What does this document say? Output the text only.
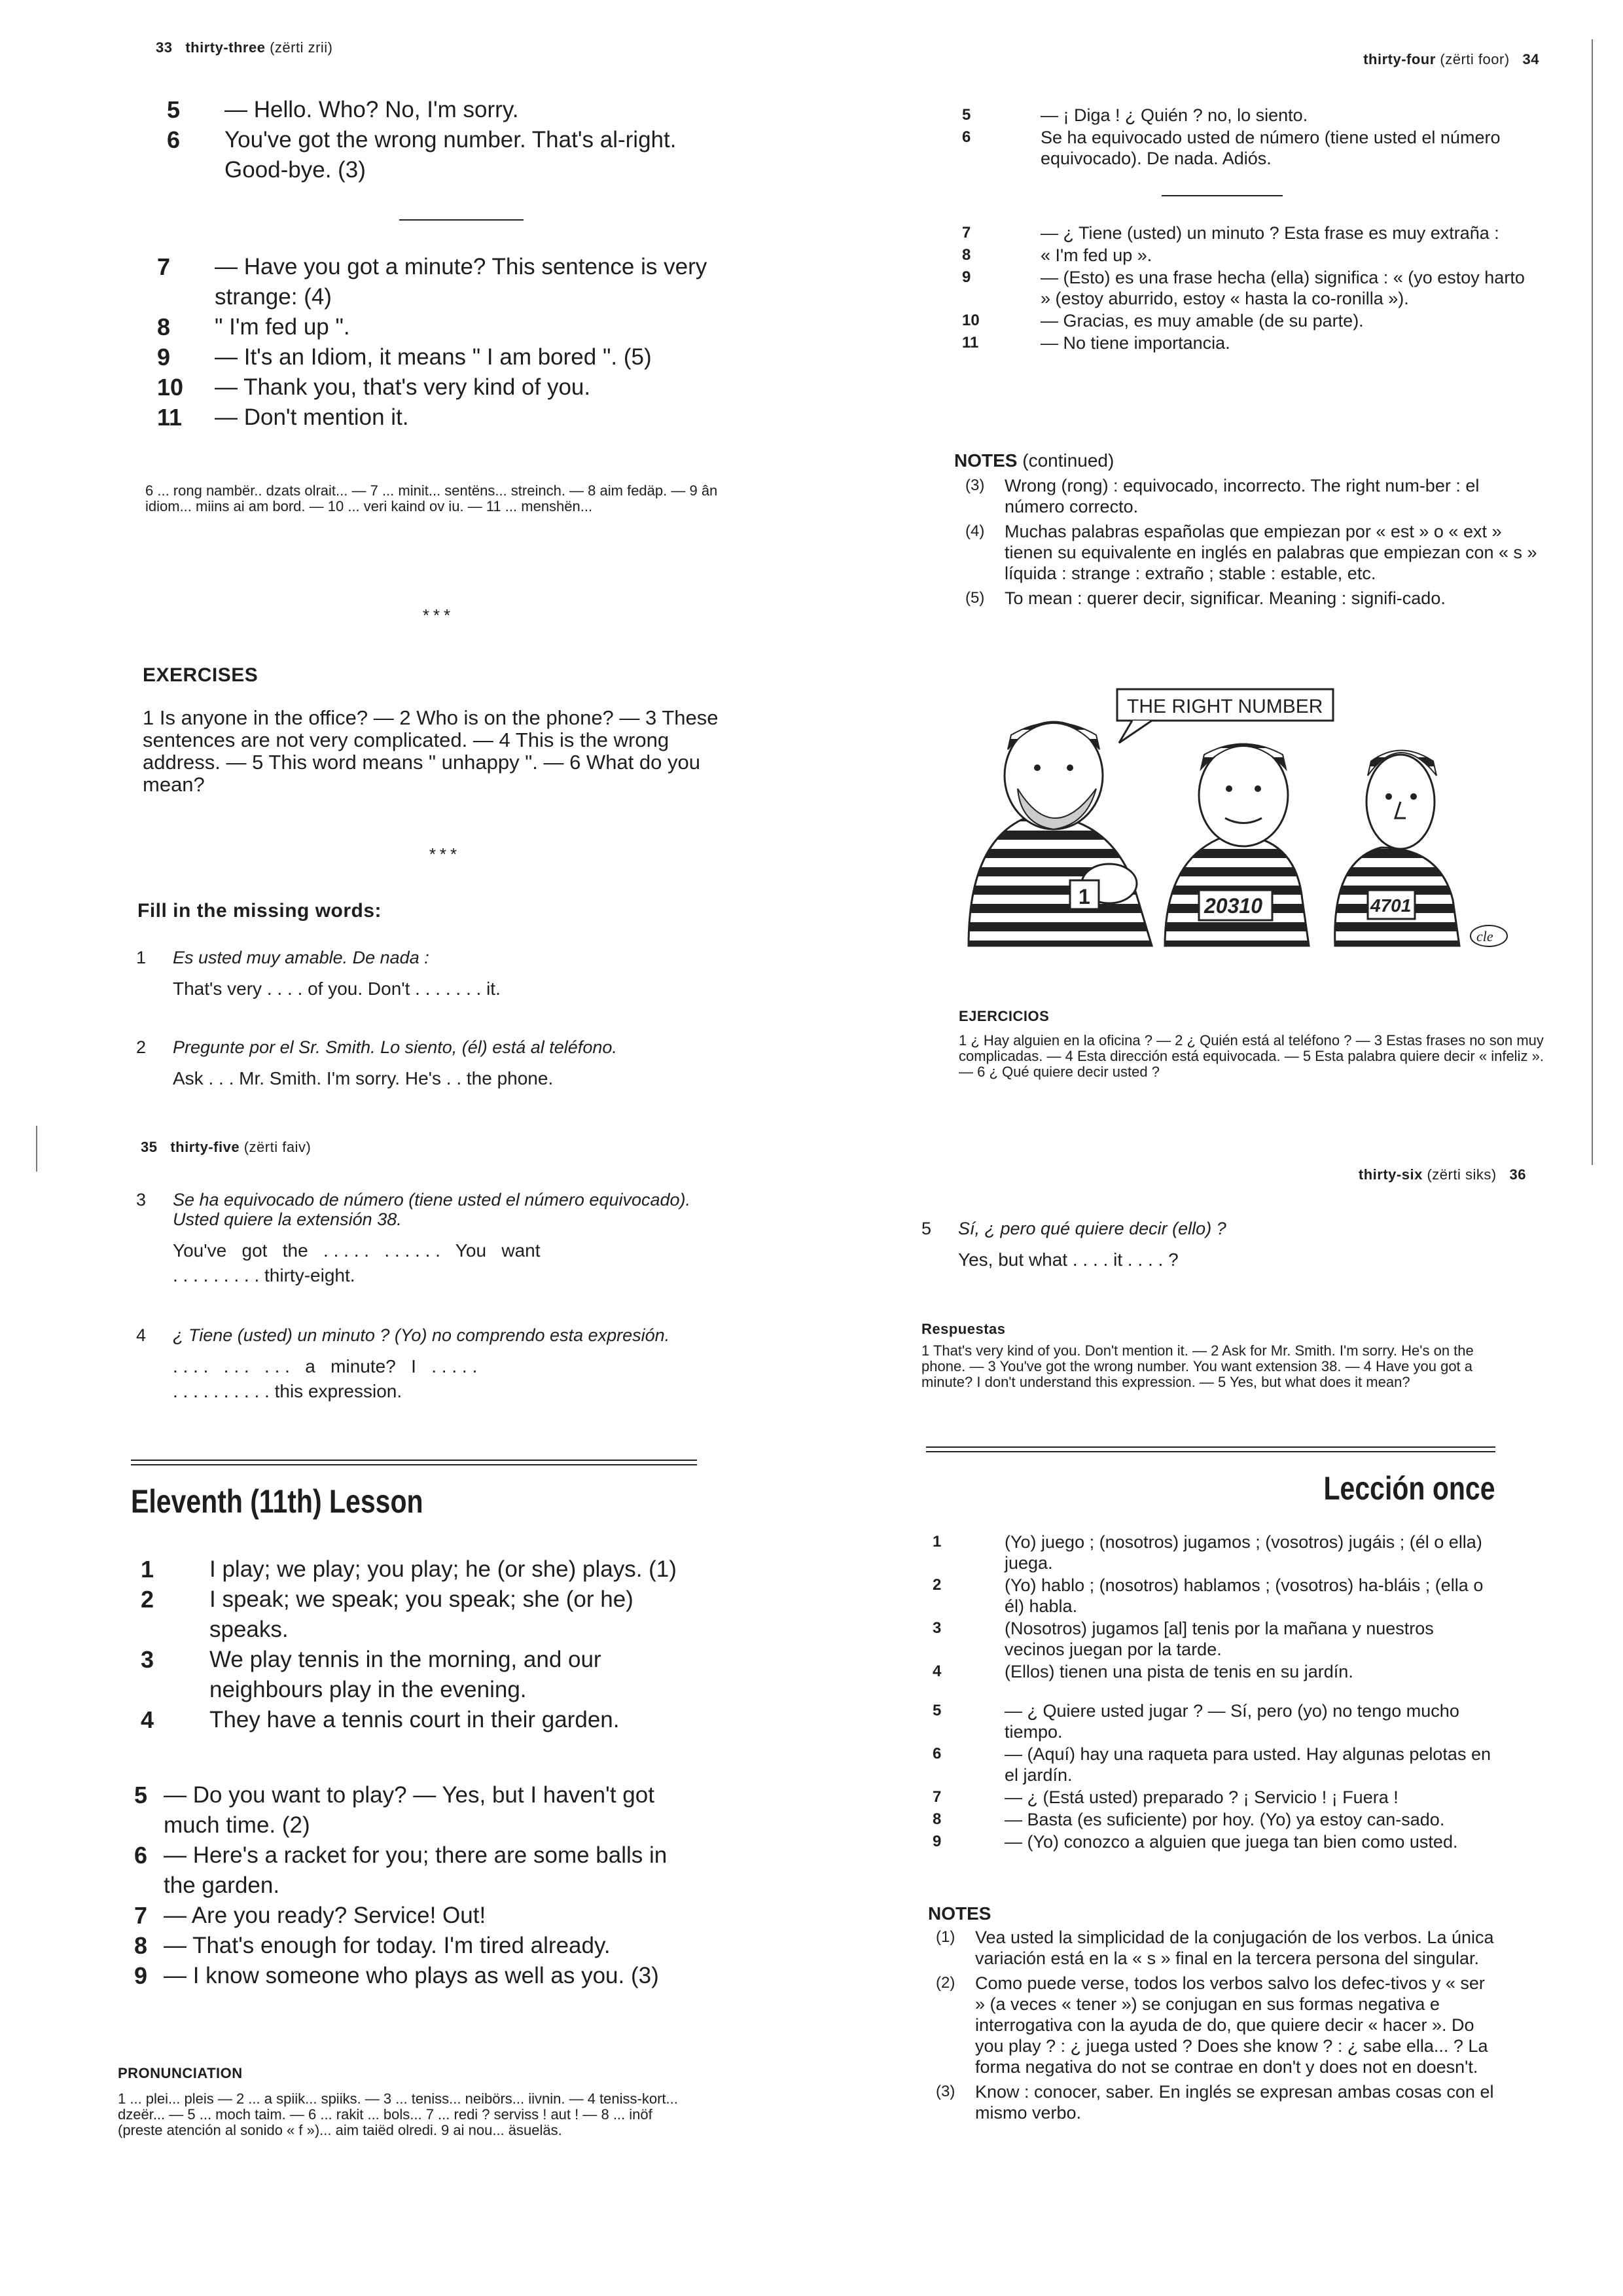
33 thirty-three (zërti zrii)
5	— Hello. Who? No, I'm sorry.
6	You've got the wrong number. That's al-right. Good-bye. (3)
7	— Have you got a minute? This sentence is very strange: (4)
8	" I'm fed up ".
9	— It's an Idiom, it means " I am bored ". (5)
10	— Thank you, that's very kind of you.
11	— Don't mention it.
6 ... rong nambër.. dzats olrait... — 7 ... minit... sentëns... streinch. — 8 aim fedäp. — 9 ân idiom... miins ai am bord. — 10 ... veri kaind ov iu. — 11 ... menshën...
***
EXERCISES
1 Is anyone in the office? — 2 Who is on the phone? — 3 These sentences are not very complicated. — 4 This is the wrong address. — 5 This word means " unhappy ". — 6 What do you mean?
***
Fill in the missing words:
1 Es usted muy amable. De nada :
That's very . . . . of you. Don't . . . . . . . it.
2 Pregunte por el Sr. Smith. Lo siento, (él) está al teléfono.
Ask . . . Mr. Smith. I'm sorry. He's . . the phone.
thirty-four (zërti foor) 34
5	— ¡ Diga ! ¿ Quién ? no, lo siento.
6	Se ha equivocado usted de número (tiene usted el número equivocado). De nada. Adiós.
7	— ¿ Tiene (usted) un minuto ? Esta frase es muy extraña :
8	« I'm fed up ».
9	— (Esto) es una frase hecha (ella) significa : « (yo estoy harto » (estoy aburrido, estoy « hasta la co-ronilla »).
10	— Gracias, es muy amable (de su parte).
11	— No tiene importancia.
NOTES (continued)
(3)	Wrong (rong) : equivocado, incorrecto. The right num-ber : el número correcto.
(4)	Muchas palabras españolas que empiezan por « est » o « ext » tienen su equivalente en inglés en palabras que empiezan con « s » líquida : strange : extraño ; stable : estable, etc.
(5)	To mean : querer decir, significar. Meaning : signifi-cado.
THE RIGHT NUMBER
1	20310	4701
cle
EJERCICIOS
1 ¿ Hay alguien en la oficina ? — 2 ¿ Quién está al teléfono ? — 3 Estas frases no son muy complicadas. — 4 Esta dirección está equivocada. — 5 Esta palabra quiere decir « infeliz ». — 6 ¿ Qué quiere decir usted ?
35 thirty-five (zërti faiv)
3 Se ha equivocado de número (tiene usted el número equivocado). Usted quiere la extensión 38.
You've   got   the   . . . . .   . . . . . .   You   want
. . . . . . . . . thirty-eight.
4 ¿ Tiene (usted) un minuto ? (Yo) no comprendo esta expresión.
. . . .   . . .   . . .   a   minute?   I   . . . . .
. . . . . . . . . . this expression.
Eleventh (11th) Lesson
1	I play; we play; you play; he (or she) plays. (1)
2	I speak; we speak; you speak; she (or he) speaks.
3	We play tennis in the morning, and our neighbours play in the evening.
4	They have a tennis court in their garden.
5 — Do you want to play? — Yes, but I haven't got much time. (2)
6 — Here's a racket for you; there are some balls in the garden.
7 — Are you ready? Service! Out!
8 — That's enough for today. I'm tired already.
9 — I know someone who plays as well as you. (3)
PRONUNCIATION
1 ... plei... pleis — 2 ... a spiik... spiiks. — 3 ... teniss... neibörs... iivnin. — 4 teniss-kort... dzeër... — 5 ... moch taim. — 6 ... rakit ... bols... 7 ... redi ? serviss ! aut ! — 8 ... inöf (preste atención al sonido « f »)... aim taiëd olredi. 9 ai nou... äsueläs.
thirty-six (zërti siks) 36
5 Sí, ¿ pero qué quiere decir (ello) ?
Yes, but what . . . . it . . . . ?
Respuestas
1 That's very kind of you. Don't mention it. — 2 Ask for Mr. Smith. I'm sorry. He's on the phone. — 3 You've got the wrong number. You want extension 38. — 4 Have you got a minute? I don't understand this expression. — 5 Yes, but what does it mean?
Lección once
1	(Yo) juego ; (nosotros) jugamos ; (vosotros) jugáis ; (él o ella) juega.
2	(Yo) hablo ; (nosotros) hablamos ; (vosotros) ha-bláis ; (ella o él) habla.
3	(Nosotros) jugamos [al] tenis por la mañana y nuestros vecinos juegan por la tarde.
4	(Ellos) tienen una pista de tenis en su jardín.
5	— ¿ Quiere usted jugar ? — Sí, pero (yo) no tengo mucho tiempo.
6	— (Aquí) hay una raqueta para usted. Hay algunas pelotas en el jardín.
7	— ¿ (Está usted) preparado ? ¡ Servicio ! ¡ Fuera !
8	— Basta (es suficiente) por hoy. (Yo) ya estoy can-sado.
9	— (Yo) conozco a alguien que juega tan bien como usted.
NOTES
(1)	Vea usted la simplicidad de la conjugación de los verbos. La única variación está en la « s » final en la tercera persona del singular.
(2)	Como puede verse, todos los verbos salvo los defec-tivos y « ser » (a veces « tener ») se conjugan en sus formas negativa e interrogativa con la ayuda de do, que quiere decir « hacer ». Do you play ? : ¿ juega usted ? Does she know ? : ¿ sabe ella... ? La forma negativa do not se contrae en don't y does not en doesn't.
(3)	Know : conocer, saber. En inglés se expresan ambas cosas con el mismo verbo.
